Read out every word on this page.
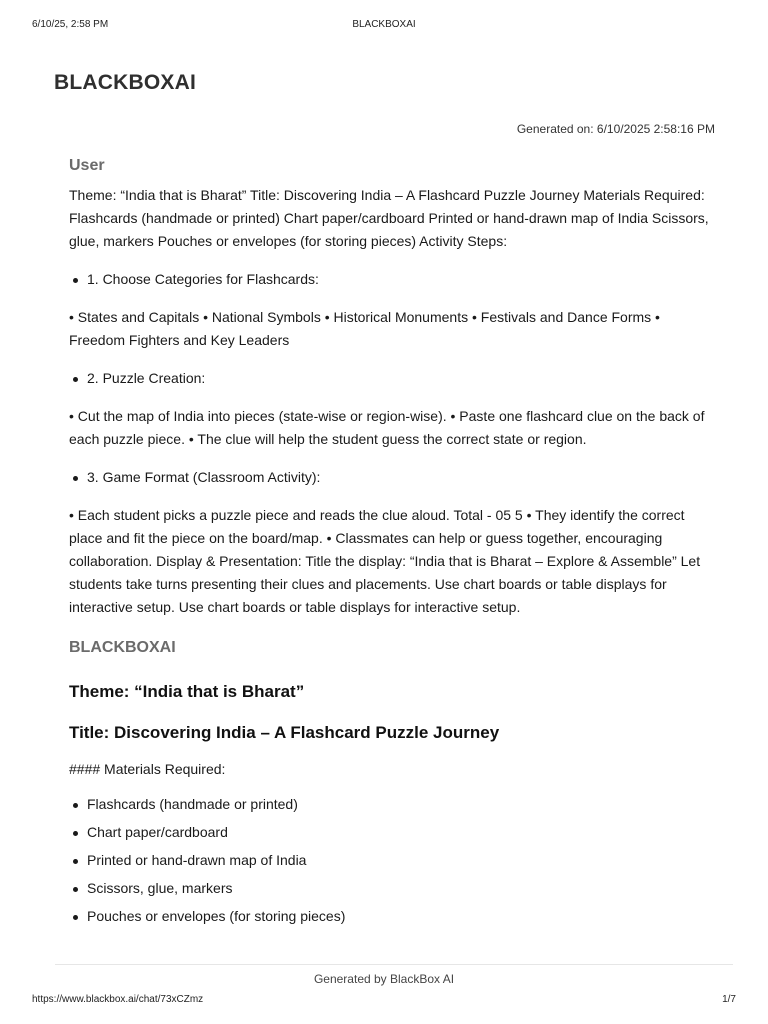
6/10/25, 2:58 PM	BLACKBOXAI
BLACKBOXAI
Generated on: 6/10/2025 2:58:16 PM
User

Theme: “India that is Bharat” Title: Discovering India – A Flashcard Puzzle Journey Materials Required: Flashcards (handmade or printed) Chart paper/cardboard Printed or hand-drawn map of India Scissors, glue, markers Pouches or envelopes (for storing pieces) Activity Steps:

1. Choose Categories for Flashcards:

• States and Capitals • National Symbols • Historical Monuments • Festivals and Dance Forms • Freedom Fighters and Key Leaders

2. Puzzle Creation:

• Cut the map of India into pieces (state-wise or region-wise). • Paste one flashcard clue on the back of each puzzle piece. • The clue will help the student guess the correct state or region.

3. Game Format (Classroom Activity):

• Each student picks a puzzle piece and reads the clue aloud. Total - 05 5 • They identify the correct place and fit the piece on the board/map. • Classmates can help or guess together, encouraging collaboration. Display & Presentation: Title the display: “India that is Bharat – Explore & Assemble” Let students take turns presenting their clues and placements. Use chart boards or table displays for interactive setup. Use chart boards or table displays for interactive setup.

BLACKBOXAI
Theme: “India that is Bharat”
Title: Discovering India – A Flashcard Puzzle Journey

#### Materials Required:

Flashcards (handmade or printed)
Chart paper/cardboard
Printed or hand-drawn map of India
Scissors, glue, markers
Pouches or envelopes (for storing pieces)
Generated by BlackBox AI
https://www.blackbox.ai/chat/73xCZmz	1/7
